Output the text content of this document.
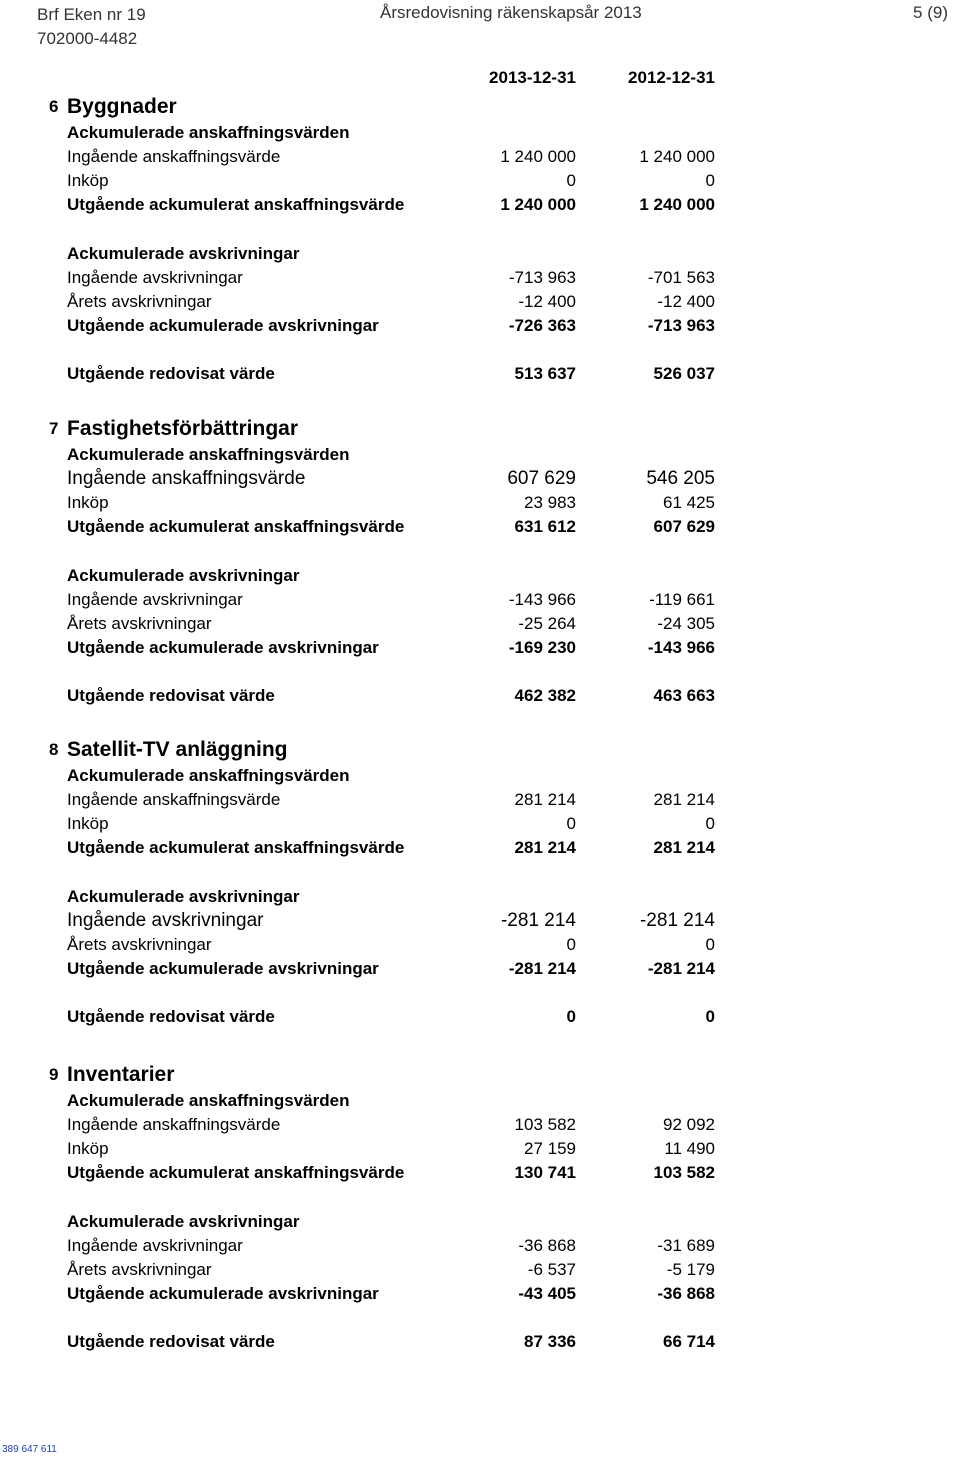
Brf Eken nr 19
702000-4482
Årsredovisning räkenskapsår 2013	5 (9)
2013-12-31	2012-12-31
6 Byggnader
Ackumulerade anskaffningsvärden
Ingående anskaffningsvärde	1 240 000	1 240 000
Inköp	0	0
Utgående ackumulerat anskaffningsvärde	1 240 000	1 240 000
Ackumulerade avskrivningar
Ingående avskrivningar	-713 963	-701 563
Årets avskrivningar	-12 400	-12 400
Utgående ackumulerade avskrivningar	-726 363	-713 963
Utgående redovisat värde	513 637	526 037
7 Fastighetsförbättringar
Ackumulerade anskaffningsvärden
Ingående anskaffningsvärde	607 629	546 205
Inköp	23 983	61 425
Utgående ackumulerat anskaffningsvärde	631 612	607 629
Ackumulerade avskrivningar
Ingående avskrivningar	-143 966	-119 661
Årets avskrivningar	-25 264	-24 305
Utgående ackumulerade avskrivningar	-169 230	-143 966
Utgående redovisat värde	462 382	463 663
8 Satellit-TV anläggning
Ackumulerade anskaffningsvärden
Ingående anskaffningsvärde	281 214	281 214
Inköp	0	0
Utgående ackumulerat anskaffningsvärde	281 214	281 214
Ackumulerade avskrivningar
Ingående avskrivningar	-281 214	-281 214
Årets avskrivningar	0	0
Utgående ackumulerade avskrivningar	-281 214	-281 214
Utgående redovisat värde	0	0
9 Inventarier
Ackumulerade anskaffningsvärden
Ingående anskaffningsvärde	103 582	92 092
Inköp	27 159	11 490
Utgående ackumulerat anskaffningsvärde	130 741	103 582
Ackumulerade avskrivningar
Ingående avskrivningar	-36 868	-31 689
Årets avskrivningar	-6 537	-5 179
Utgående ackumulerade avskrivningar	-43 405	-36 868
Utgående redovisat värde	87 336	66 714
389 647 611
